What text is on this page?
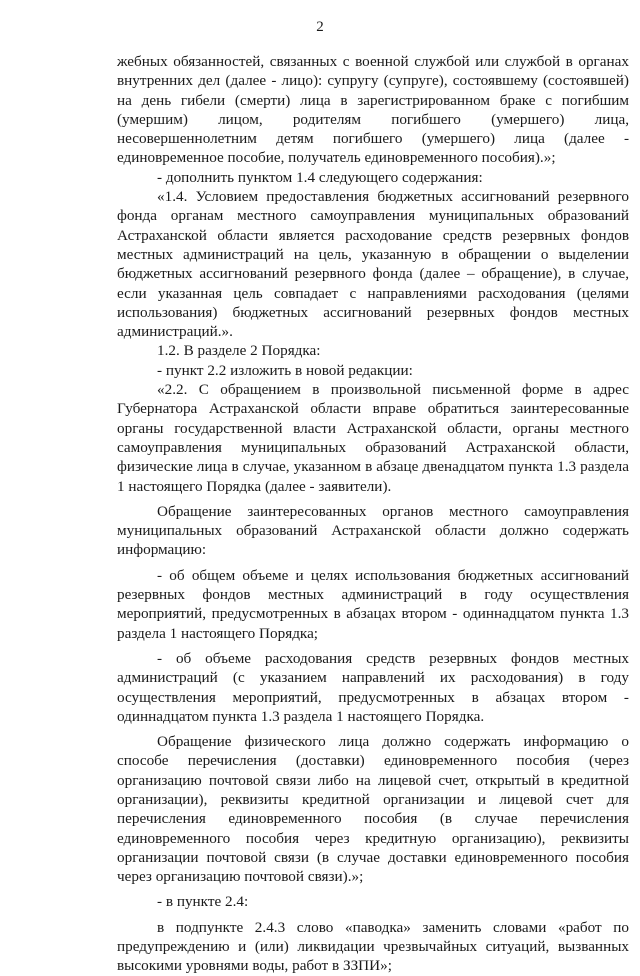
2

жебных обязанностей, связанных с военной службой или службой в органах внутренних дел (далее - лицо): супругу (супруге), состоявшему (состоявшей) на день гибели (смерти) лица в зарегистрированном браке с погибшим (умершим) лицом, родителям погибшего (умершего) лица, несовершеннолетним детям погибшего (умершего) лица (далее - единовременное пособие, получатель единовременного пособия).»;

- дополнить пунктом 1.4 следующего содержания:

«1.4. Условием предоставления бюджетных ассигнований резервного фонда органам местного самоуправления муниципальных образований Астраханской области является расходование средств резервных фондов местных администраций на цель, указанную в обращении о выделении бюджетных ассигнований резервного фонда (далее – обращение), в случае, если указанная цель совпадает с направлениями расходования (целями использования) бюджетных ассигнований резервных фондов местных администраций.».

1.2. В разделе 2 Порядка:

- пункт 2.2 изложить в новой редакции:

«2.2. С обращением в произвольной письменной форме в адрес Губернатора Астраханской области вправе обратиться заинтересованные органы государственной власти Астраханской области, органы местного самоуправления муниципальных образований Астраханской области, физические лица в случае, указанном в абзаце двенадцатом пункта 1.3 раздела 1 настоящего Порядка (далее - заявители).

Обращение заинтересованных органов местного самоуправления муниципальных образований Астраханской области должно содержать информацию:

- об общем объеме и целях использования бюджетных ассигнований резервных фондов местных администраций в году осуществления мероприятий, предусмотренных в абзацах втором - одиннадцатом пункта 1.3 раздела 1 настоящего Порядка;

- об объеме расходования средств резервных фондов местных администраций (с указанием направлений их расходования) в году осуществления мероприятий, предусмотренных в абзацах втором - одиннадцатом пункта 1.3 раздела 1 настоящего Порядка.

Обращение физического лица должно содержать информацию о способе перечисления (доставки) единовременного пособия (через организацию почтовой связи либо на лицевой счет, открытый в кредитной организации), реквизиты кредитной организации и лицевой счет для перечисления единовременного пособия (в случае перечисления единовременного пособия через кредитную организацию), реквизиты организации почтовой связи (в случае доставки единовременного пособия через организацию почтовой связи).»;

- в пункте 2.4:

в подпункте 2.4.3 слово «паводка» заменить словами «работ по предупреждению и (или) ликвидации чрезвычайных ситуаций, вызванных высокими уровнями воды, работ в ЗЗПИ»;
